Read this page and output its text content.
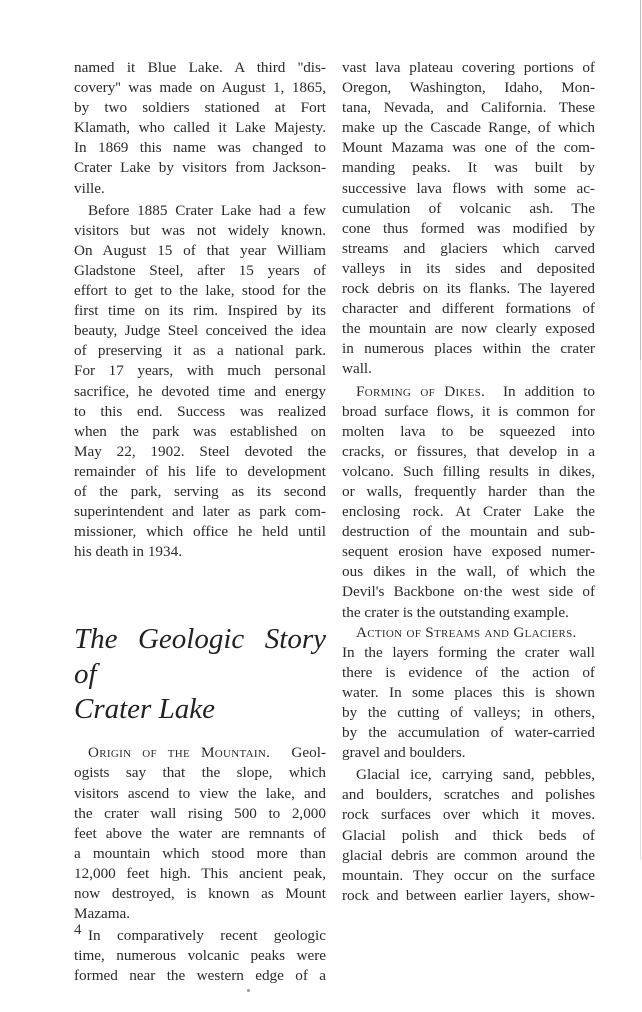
named it Blue Lake. A third ''dis-
covery'' was made on August 1, 1865,
by two soldiers stationed at Fort
Klamath, who called it Lake Majesty.
In 1869 this name was changed to
Crater Lake by visitors from Jackson-
ville.
Before 1885 Crater Lake had a few
visitors but was not widely known.
On August 15 of that year William
Gladstone Steel, after 15 years of
effort to get to the lake, stood for the
first time on its rim. Inspired by its
beauty, Judge Steel conceived the idea
of preserving it as a national park.
For 17 years, with much personal
sacrifice, he devoted time and energy
to this end. Success was realized
when the park was established on
May 22, 1902. Steel devoted the
remainder of his life to development
of the park, serving as its second
superintendent and later as park com-
missioner, which office he held until
his death in 1934.
The Geologic Story of
Crater Lake
Origin of the Mountain. Geol-
ogists say that the slope, which
visitors ascend to view the lake, and
the crater wall rising 500 to 2,000
feet above the water are remnants of
a mountain which stood more than
12,000 feet high. This ancient peak,
now destroyed, is known as Mount
Mazama.
In comparatively recent geologic
time, numerous volcanic peaks were
formed near the western edge of a
vast lava plateau covering portions of
Oregon, Washington, Idaho, Mon-
tana, Nevada, and California. These
make up the Cascade Range, of which
Mount Mazama was one of the com-
manding peaks. It was built by
successive lava flows with some ac-
cumulation of volcanic ash. The
cone thus formed was modified by
streams and glaciers which carved
valleys in its sides and deposited
rock debris on its flanks. The layered
character and different formations of
the mountain are now clearly exposed
in numerous places within the crater
wall.
Forming of Dikes. In addition to
broad surface flows, it is common for
molten lava to be squeezed into
cracks, or fissures, that develop in a
volcano. Such filling results in dikes,
or walls, frequently harder than the
enclosing rock. At Crater Lake the
destruction of the mountain and sub-
sequent erosion have exposed numer-
ous dikes in the wall, of which the
Devil's Backbone on·the west side of
the crater is the outstanding example.
Action of Streams and Glaciers.
In the layers forming the crater wall
there is evidence of the action of
water. In some places this is shown
by the cutting of valleys; in others,
by the accumulation of water-carried
gravel and boulders.
Glacial ice, carrying sand, pebbles,
and boulders, scratches and polishes
rock surfaces over which it moves.
Glacial polish and thick beds of
glacial debris are common around the
mountain. They occur on the surface
rock and between earlier layers, show-
4
